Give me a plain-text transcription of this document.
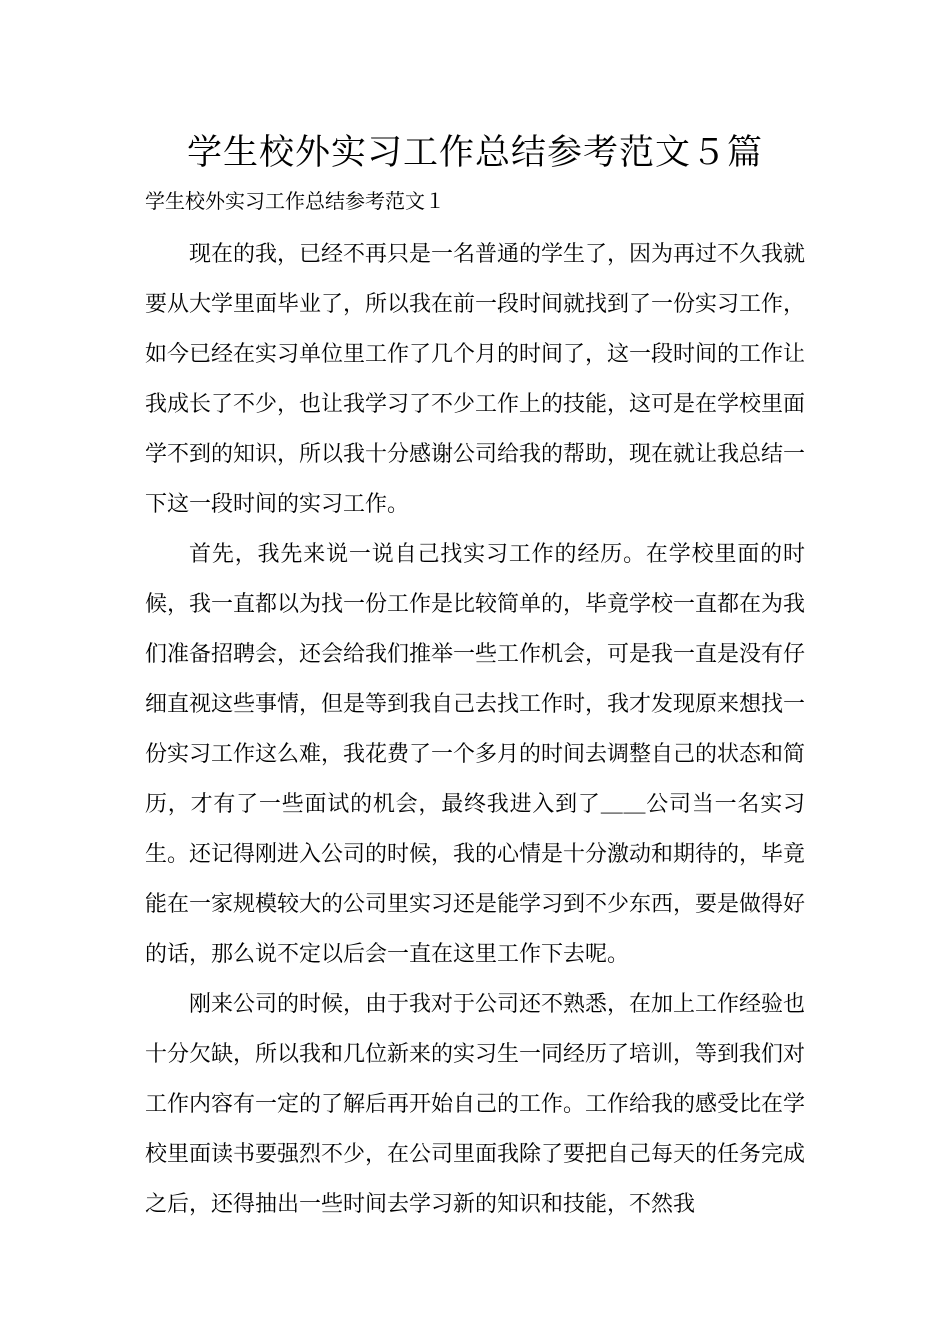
学生校外实习工作总结参考范文５篇

学生校外实习工作总结参考范文１

现在的我，已经不再只是一名普通的学生了，因为再过不久我就要从大学里面毕业了，所以我在前一段时间就找到了一份实习工作，如今已经在实习单位里工作了几个月的时间了，这一段时间的工作让我成长了不少，也让我学习了不少工作上的技能，这可是在学校里面学不到的知识，所以我十分感谢公司给我的帮助，现在就让我总结一下这一段时间的实习工作。

首先，我先来说一说自己找实习工作的经历。在学校里面的时候，我一直都以为找一份工作是比较简单的，毕竟学校一直都在为我们准备招聘会，还会给我们推举一些工作机会，可是我一直是没有仔细直视这些事情，但是等到我自己去找工作时，我才发现原来想找一份实习工作这么难，我花费了一个多月的时间去调整自己的状态和简历，才有了一些面试的机会，最终我进入到了＿＿公司当一名实习生。还记得刚进入公司的时候，我的心情是十分激动和期待的，毕竟能在一家规模较大的公司里实习还是能学习到不少东西，要是做得好的话，那么说不定以后会一直在这里工作下去呢。

刚来公司的时候，由于我对于公司还不熟悉，在加上工作经验也十分欠缺，所以我和几位新来的实习生一同经历了培训，等到我们对工作内容有一定的了解后再开始自己的工作。工作给我的感受比在学校里面读书要强烈不少，在公司里面我除了要把自己每天的任务完成之后，还得抽出一些时间去学习新的知识和技能，不然我
